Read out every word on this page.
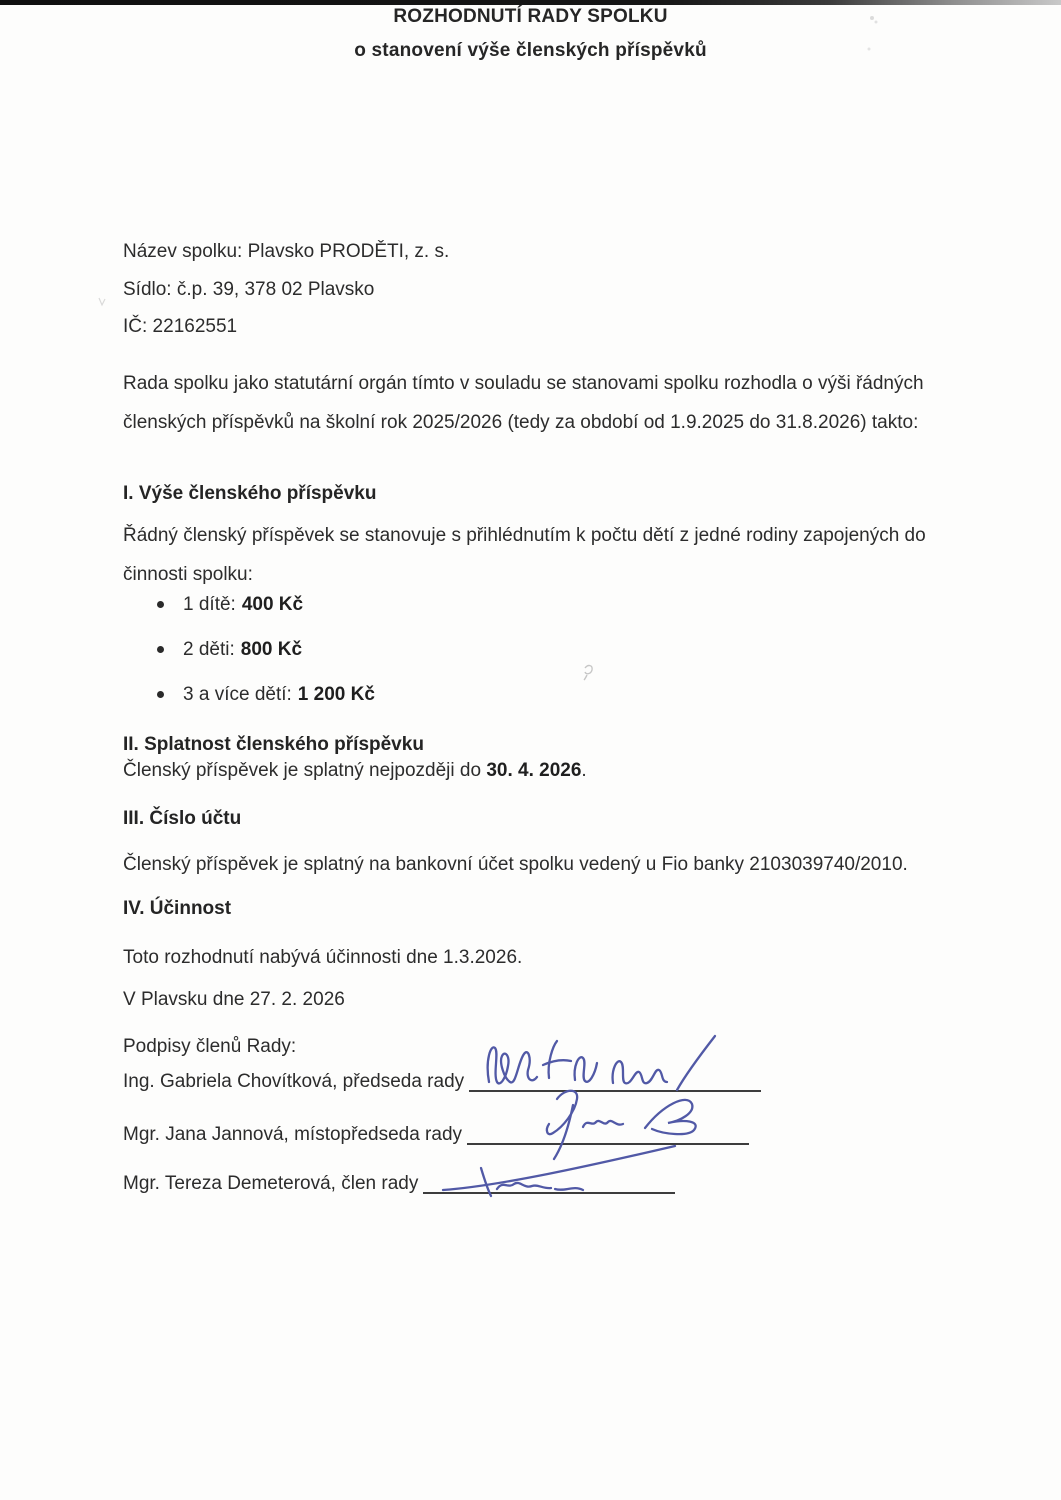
ROZHODNUTÍ RADY SPOLKU
o stanovení výše členských příspěvků
Název spolku: Plavsko PRODĚTI, z. s.
Sídlo: č.p. 39, 378 02 Plavsko
IČ: 22162551
Rada spolku jako statutární orgán tímto v souladu se stanovami spolku rozhodla o výši řádných členských příspěvků na školní rok 2025/2026 (tedy za období od 1.9.2025 do 31.8.2026) takto:
I. Výše členského příspěvku
Řádný členský příspěvek se stanovuje s přihlédnutím k počtu dětí z jedné rodiny zapojených do činnosti spolku:
1 dítě: 400 Kč
2 děti: 800 Kč
3 a více dětí: 1 200 Kč
II. Splatnost členského příspěvku
Členský příspěvek je splatný nejpozději do 30. 4. 2026.
III. Číslo účtu
Členský příspěvek je splatný na bankovní účet spolku vedený u Fio banky 2103039740/2010.
IV. Účinnost
Toto rozhodnutí nabývá účinnosti dne 1.3.2026.
V Plavsku dne 27. 2. 2026
Podpisy členů Rady:
Ing. Gabriela Chovítková, předseda rady
Mgr. Jana Jannová, místopředseda rady
Mgr. Tereza Demeterová, člen rady
